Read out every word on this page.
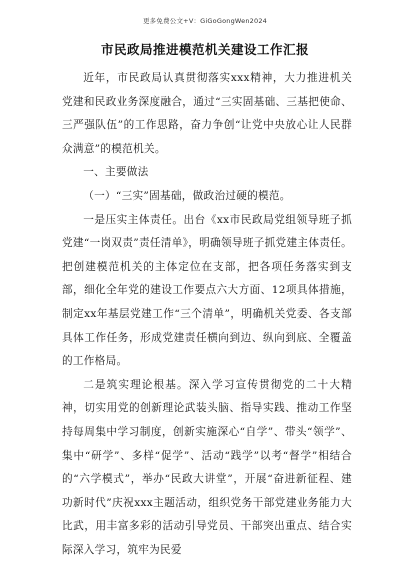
更多免费公文+V：GiGoGongWen2024
市民政局推进模范机关建设工作汇报

近年，市民政局认真贯彻落实xxx精神，大力推进机关党建和民政业务深度融合，通过“三实固基础、三基把使命、三严强队伍”的工作思路，奋力争创“让党中央放心让人民群众满意”的模范机关。

一、主要做法

（一）“三实”固基础，做政治过硬的模范。

一是压实主体责任。出台《xx市民政局党组领导班子抓党建“一岗双责”责任清单》，明确领导班子抓党建主体责任。把创建模范机关的主体定位在支部，把各项任务落实到支部，细化全年党的建设工作要点六大方面、12项具体措施，制定xx年基层党建工作“三个清单”，明确机关党委、各支部具体工作任务，形成党建责任横向到边、纵向到底、全覆盖的工作格局。

二是筑实理论根基。深入学习宣传贯彻党的二十大精神，切实用党的创新理论武装头脑、指导实践、推动工作坚持每周集中学习制度，创新实施深心“自学”、带头“领学”、集中“研学”、多样“促学”、活动“践学”以考“督学”相结合的“六学模式”，举办“民政大讲堂”，开展“奋进新征程、建功新时代”庆祝xxx主题活动，组织党务干部党建业务能力大比武，用丰富多彩的活动引导党员、干部突出重点、结合实际深入学习，筑牢为民爱
